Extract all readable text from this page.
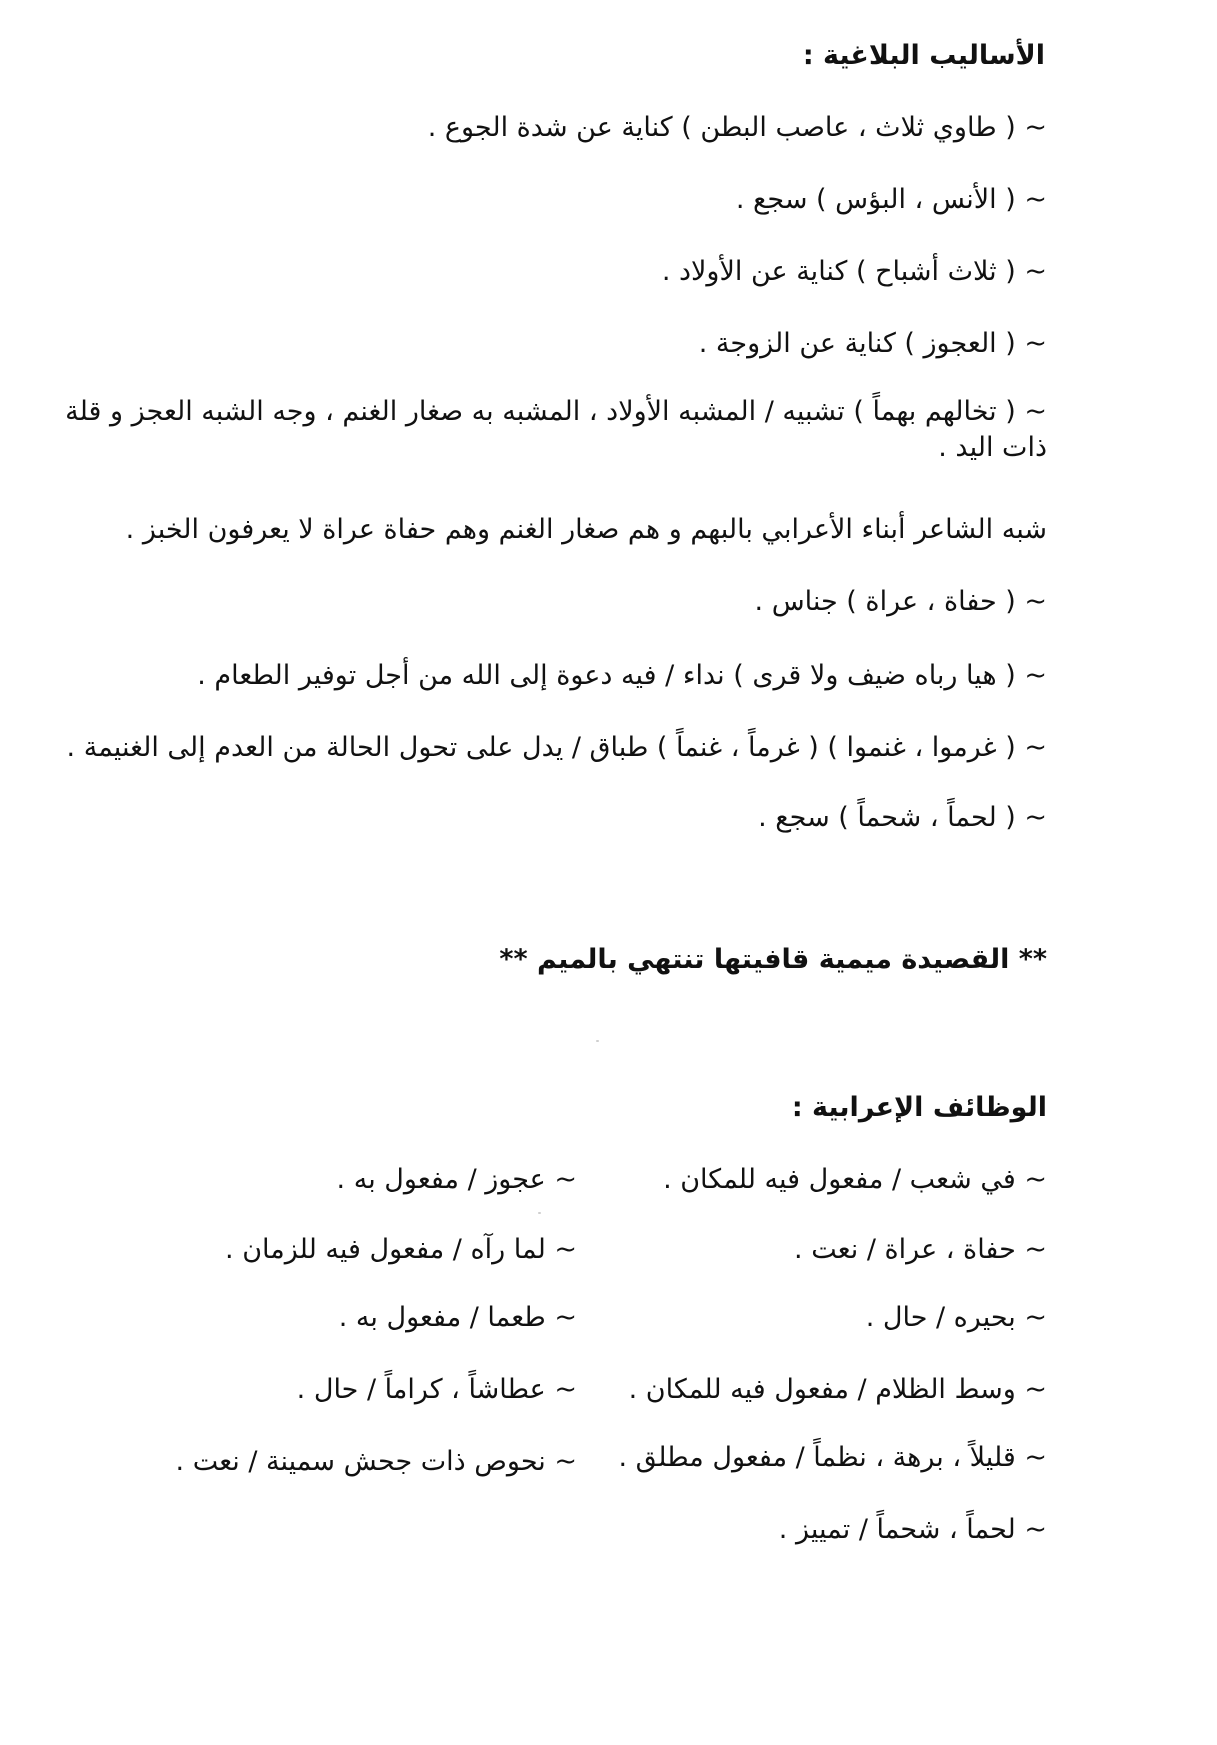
الأساليب البلاغية :
~ ( طاوي ثلاث ، عاصب البطن ) كناية عن شدة الجوع .
~ ( الأنس ، البؤس ) سجع .
~ ( ثلاث أشباح ) كناية عن الأولاد .
~ ( العجوز ) كناية عن الزوجة .
~ ( تخالهم بهماً ) تشبيه / المشبه الأولاد ، المشبه به صغار الغنم ، وجه الشبه العجز و قلة ذات اليد .
شبه الشاعر أبناء الأعرابي بالبهم و هم صغار الغنم وهم حفاة عراة لا يعرفون الخبز .
~ ( حفاة ، عراة ) جناس .
~ ( هيا رباه ضيف ولا قرى ) نداء / فيه دعوة إلى الله من أجل توفير الطعام .
~ ( غرموا ، غنموا ) ( غرماً ، غنماً ) طباق / يدل على تحول الحالة من العدم إلى الغنيمة .
~ ( لحماً ، شحماً ) سجع .
** القصيدة ميمية قافيتها تنتهي بالميم **
الوظائف الإعرابية :
~ في شعب / مفعول فيه للمكان .
~ حفاة ، عراة / نعت .
~ بحيره / حال .
~ وسط الظلام / مفعول فيه للمكان .
~ قليلاً ، برهة ، نظماً / مفعول مطلق .
~ لحماً ، شحماً / تمييز .
~ عجوز / مفعول به .
~ لما رآه / مفعول فيه للزمان .
~ طعما / مفعول به .
~ عطاشاً ، كراماً / حال .
~ نحوص ذات جحش سمينة / نعت .
